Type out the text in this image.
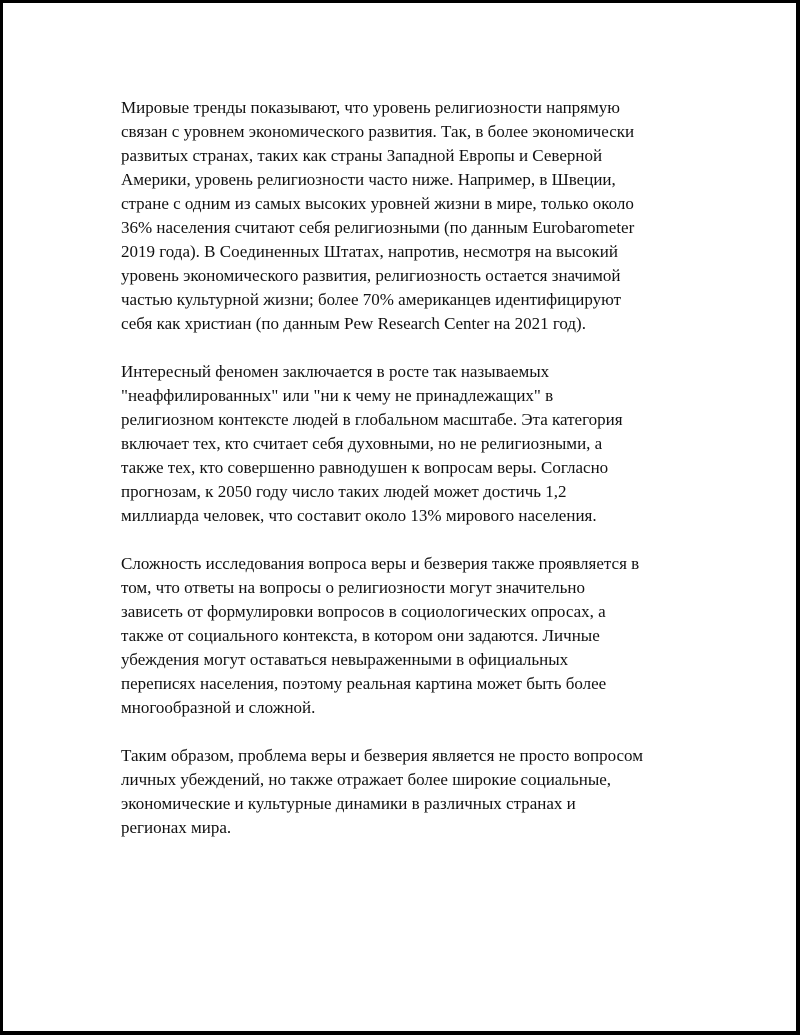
Мировые тренды показывают, что уровень религиозности напрямую
связан с уровнем экономического развития. Так, в более экономически
развитых странах, таких как страны Западной Европы и Северной
Америки, уровень религиозности часто ниже. Например, в Швеции,
стране с одним из самых высоких уровней жизни в мире, только около
36% населения считают себя религиозными (по данным Eurobarometer
2019 года). В Соединенных Штатах, напротив, несмотря на высокий
уровень экономического развития, религиозность остается значимой
частью культурной жизни; более 70% американцев идентифицируют
себя как христиан (по данным Pew Research Center на 2021 год).

Интересный феномен заключается в росте так называемых
"неаффилированных" или "ни к чему не принадлежащих" в
религиозном контексте людей в глобальном масштабе. Эта категория
включает тех, кто считает себя духовными, но не религиозными, а
также тех, кто совершенно равнодушен к вопросам веры. Согласно
прогнозам, к 2050 году число таких людей может достичь 1,2
миллиарда человек, что составит около 13% мирового населения.

Сложность исследования вопроса веры и безверия также проявляется в
том, что ответы на вопросы о религиозности могут значительно
зависеть от формулировки вопросов в социологических опросах, а
также от социального контекста, в котором они задаются. Личные
убеждения могут оставаться невыраженными в официальных
переписях населения, поэтому реальная картина может быть более
многообразной и сложной.

Таким образом, проблема веры и безверия является не просто вопросом
личных убеждений, но также отражает более широкие социальные,
экономические и культурные динамики в различных странах и
регионах мира.
